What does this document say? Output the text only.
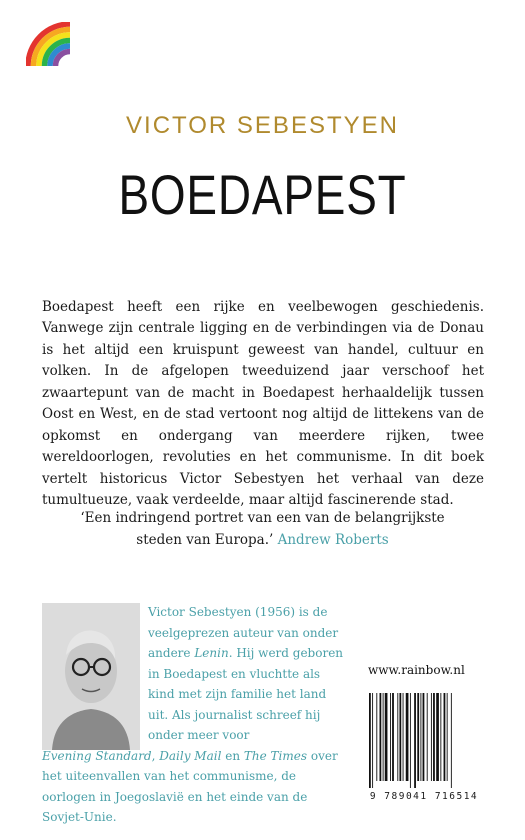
VICTOR SEBESTYEN
BOEDAPEST

Boedapest heeft een rijke en veelbewogen geschiedenis. Vanwege zijn centrale ligging en de verbindingen via de Donau is het altijd een kruispunt geweest van handel, cultuur en volken. In de afgelopen tweeduizend jaar verschoof het zwaartepunt van de macht in Boedapest herhaaldelijk tussen Oost en West, en de stad vertoont nog altijd de littekens van de opkomst en ondergang van meerdere rijken, twee wereldoorlogen, revoluties en het communisme. In dit boek vertelt historicus Victor Sebestyen het verhaal van deze tumultueuze, vaak verdeelde, maar altijd fascinerende stad.

‘Een indringend portret van een van de belangrijkste
steden van Europa.’ Andrew Roberts
Victor Sebestyen (1956) is de veelgeprezen auteur van onder andere Lenin. Hij werd geboren in Boedapest en vluchtte als kind met zijn familie het land uit. Als journalist schreef hij onder meer voor
Evening Standard, Daily Mail en The Times over het uiteenvallen van het communisme, de oorlogen in Joegoslavië en het einde van de Sovjet-Unie.
www.rainbow.nl
9 789041 716514
